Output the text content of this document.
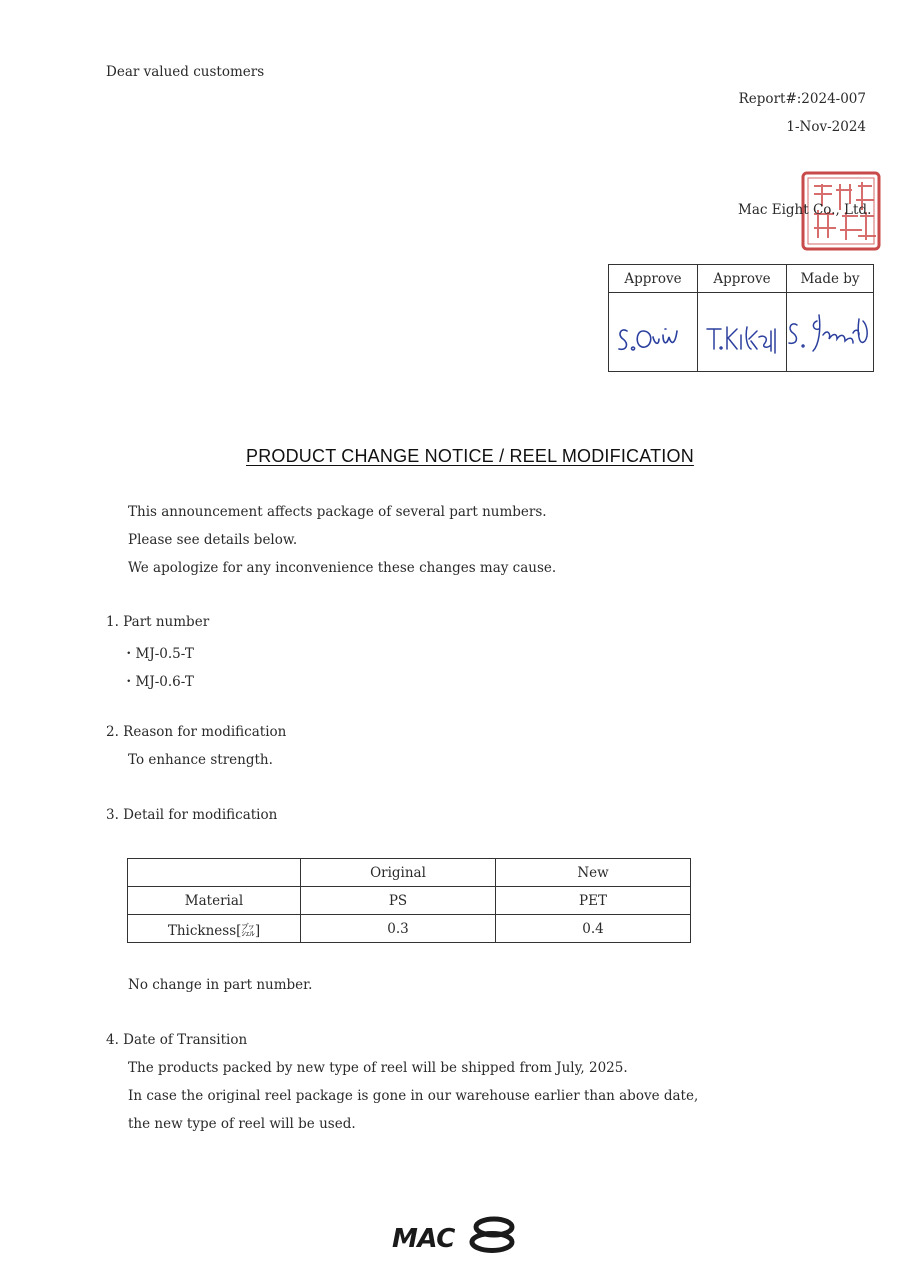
Dear valued customers
Report#:2024-007
1-Nov-2024
Mac Eight Co., Ltd.
Approve	Approve	Made by

PRODUCT CHANGE NOTICE / REEL MODIFICATION
This announcement affects package of several part numbers.
Please see details below.
We apologize for any inconvenience these changes may cause.
1. Part number
・MJ-0.5-T
・MJ-0.6-T
2. Reason for modification
To enhance strength.
3. Detail for modification
	Original	New
Material	PS	PET
Thickness[㌴]	0.3	0.4
No change in part number.
4. Date of Transition
The products packed by new type of reel will be shipped from July, 2025.
In case the original reel package is gone in our warehouse earlier than above date,
the new type of reel will be used.
MAC
